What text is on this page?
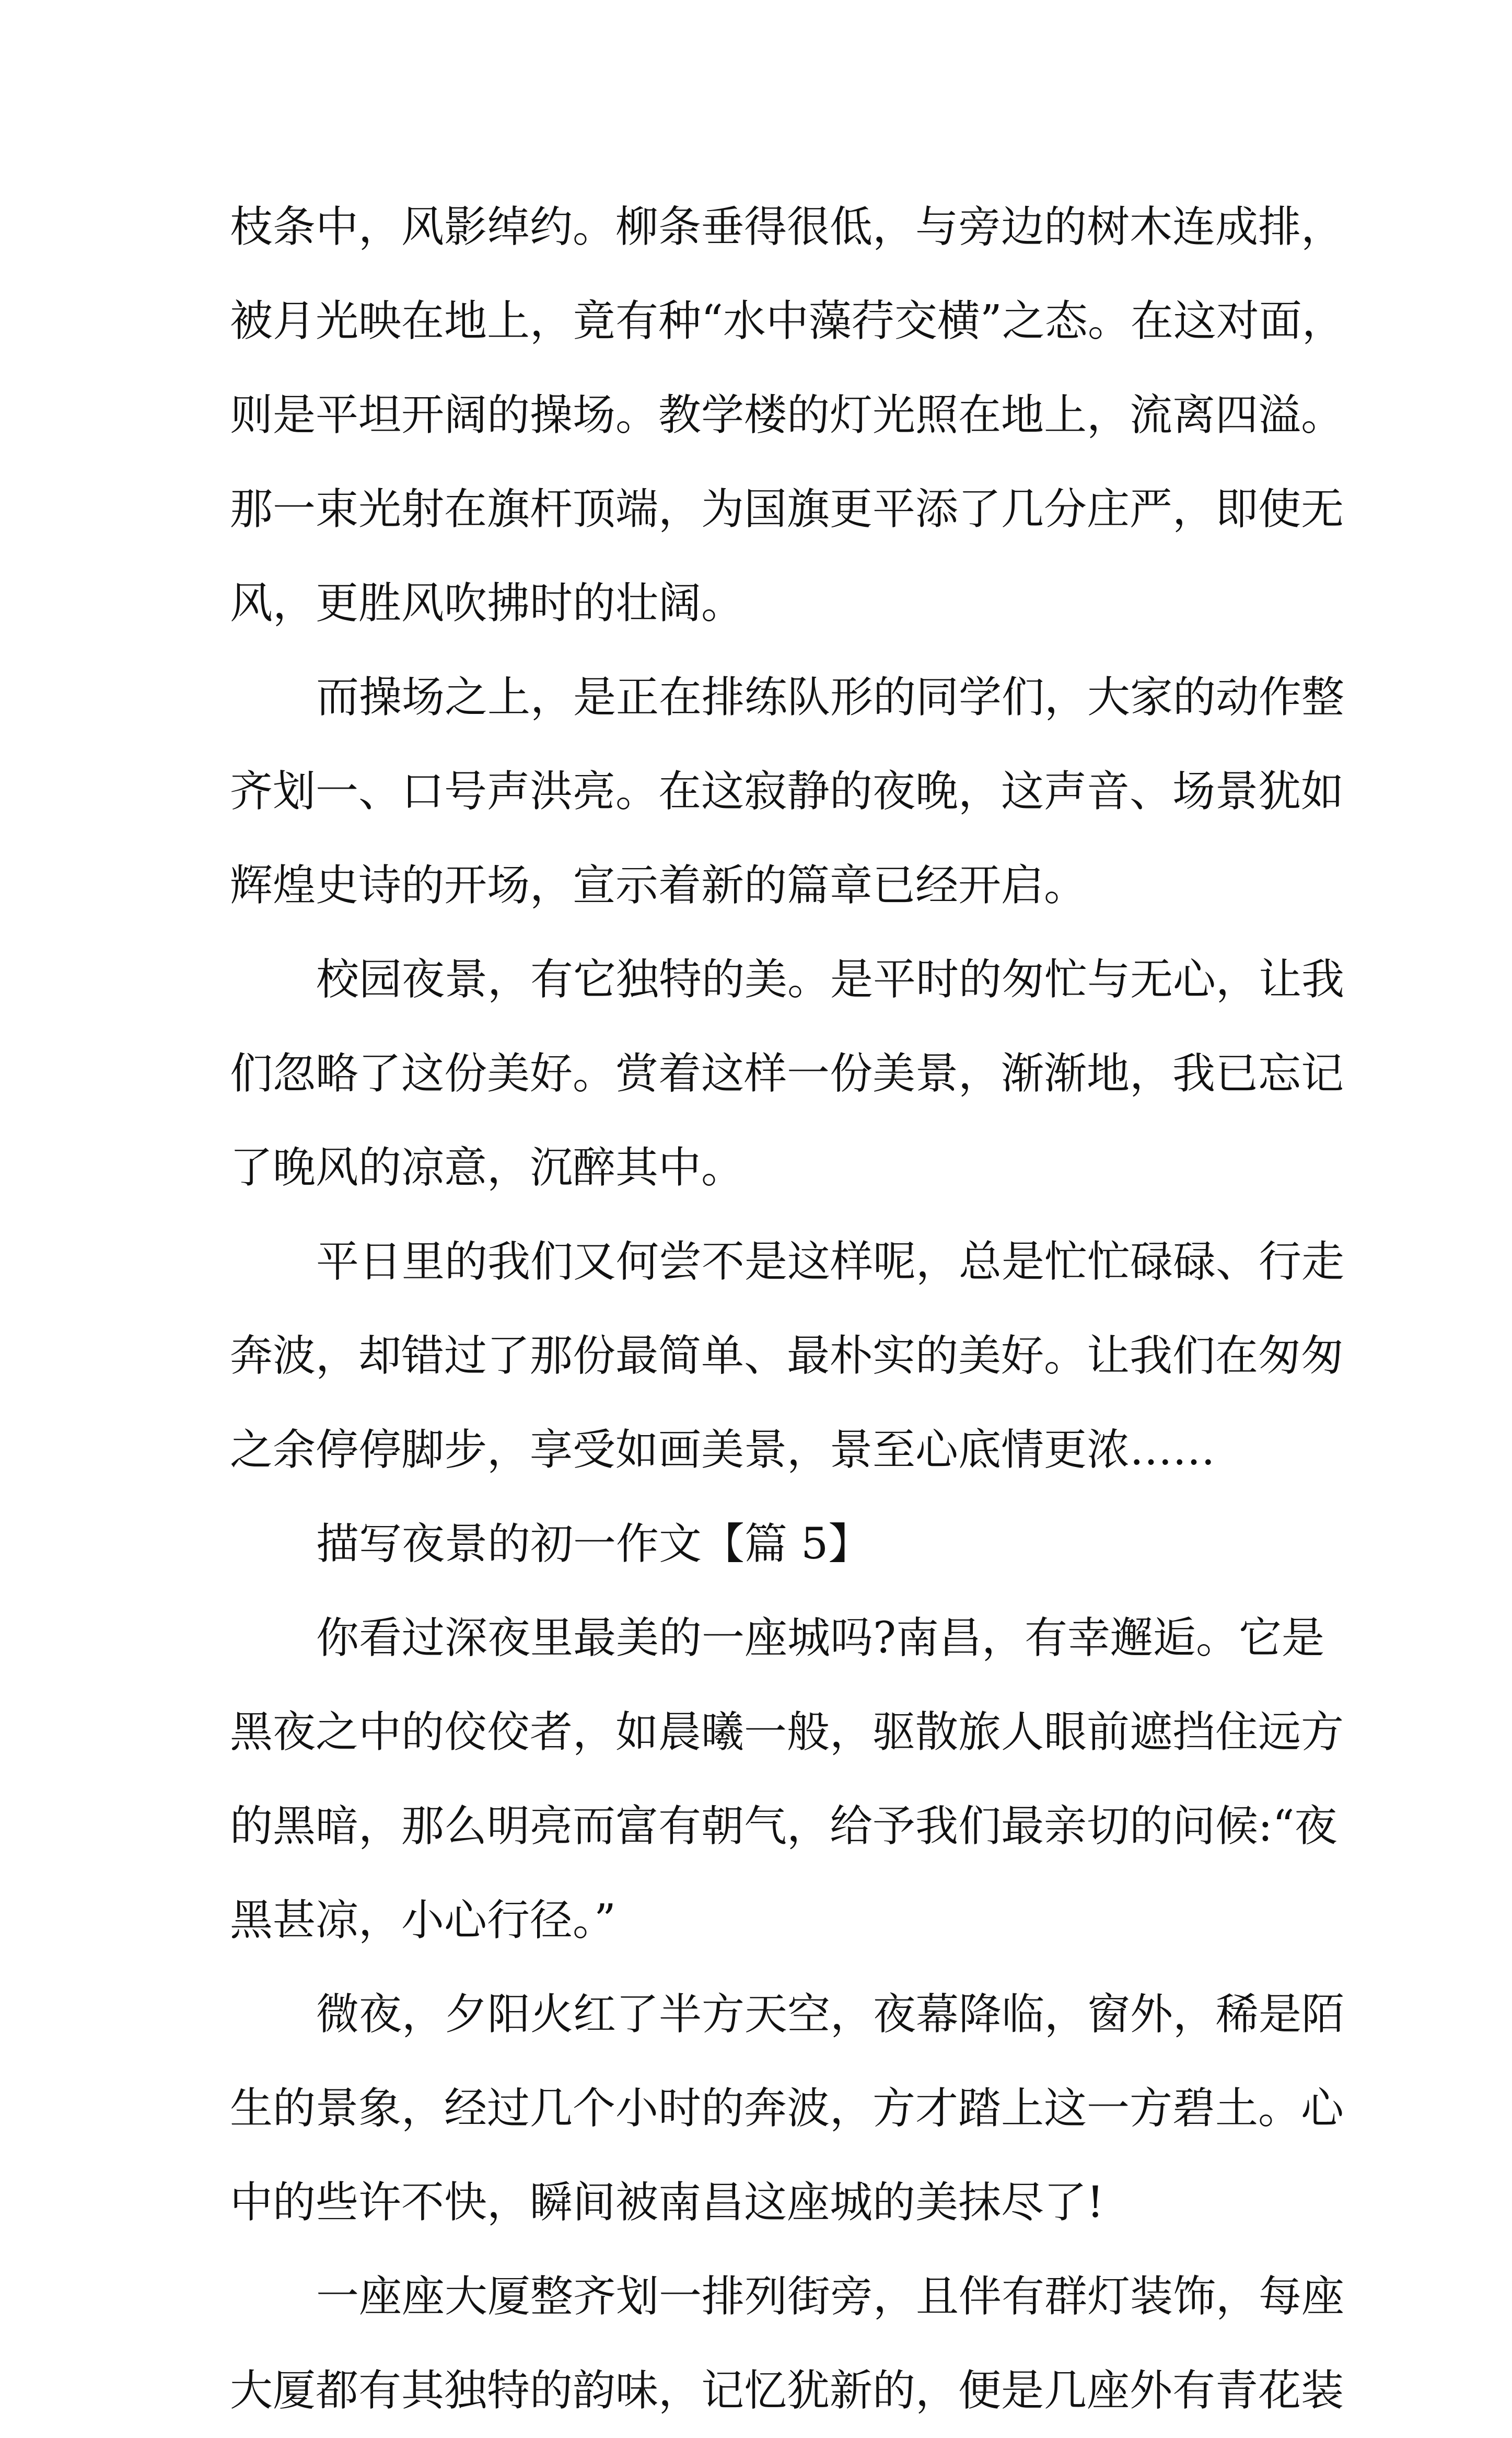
枝条中，风影绰约。柳条垂得很低，与旁边的树木连成排，
被月光映在地上，竟有种“水中藻荇交横”之态。在这对面，
则是平坦开阔的操场。教学楼的灯光照在地上，流离四溢。
那一束光射在旗杆顶端，为国旗更平添了几分庄严，即使无
风，更胜风吹拂时的壮阔。
而操场之上，是正在排练队形的同学们，大家的动作整
齐划一、口号声洪亮。在这寂静的夜晚，这声音、场景犹如
辉煌史诗的开场，宣示着新的篇章已经开启。
校园夜景，有它独特的美。是平时的匆忙与无心，让我
们忽略了这份美好。赏着这样一份美景，渐渐地，我已忘记
了晚风的凉意，沉醉其中。
平日里的我们又何尝不是这样呢，总是忙忙碌碌、行走
奔波，却错过了那份最简单、最朴实的美好。让我们在匆匆
之余停停脚步，享受如画美景，景至心底情更浓……
描写夜景的初一作文【篇 5】
你看过深夜里最美的一座城吗?南昌，有幸邂逅。它是
黑夜之中的佼佼者，如晨曦一般，驱散旅人眼前遮挡住远方
的黑暗，那么明亮而富有朝气，给予我们最亲切的问候:“夜
黑甚凉，小心行径。”
微夜，夕阳火红了半方天空，夜幕降临，窗外，稀是陌
生的景象，经过几个小时的奔波，方才踏上这一方碧土。心
中的些许不快，瞬间被南昌这座城的美抹尽了!
一座座大厦整齐划一排列街旁，且伴有群灯装饰，每座
大厦都有其独特的韵味，记忆犹新的，便是几座外有青花装
